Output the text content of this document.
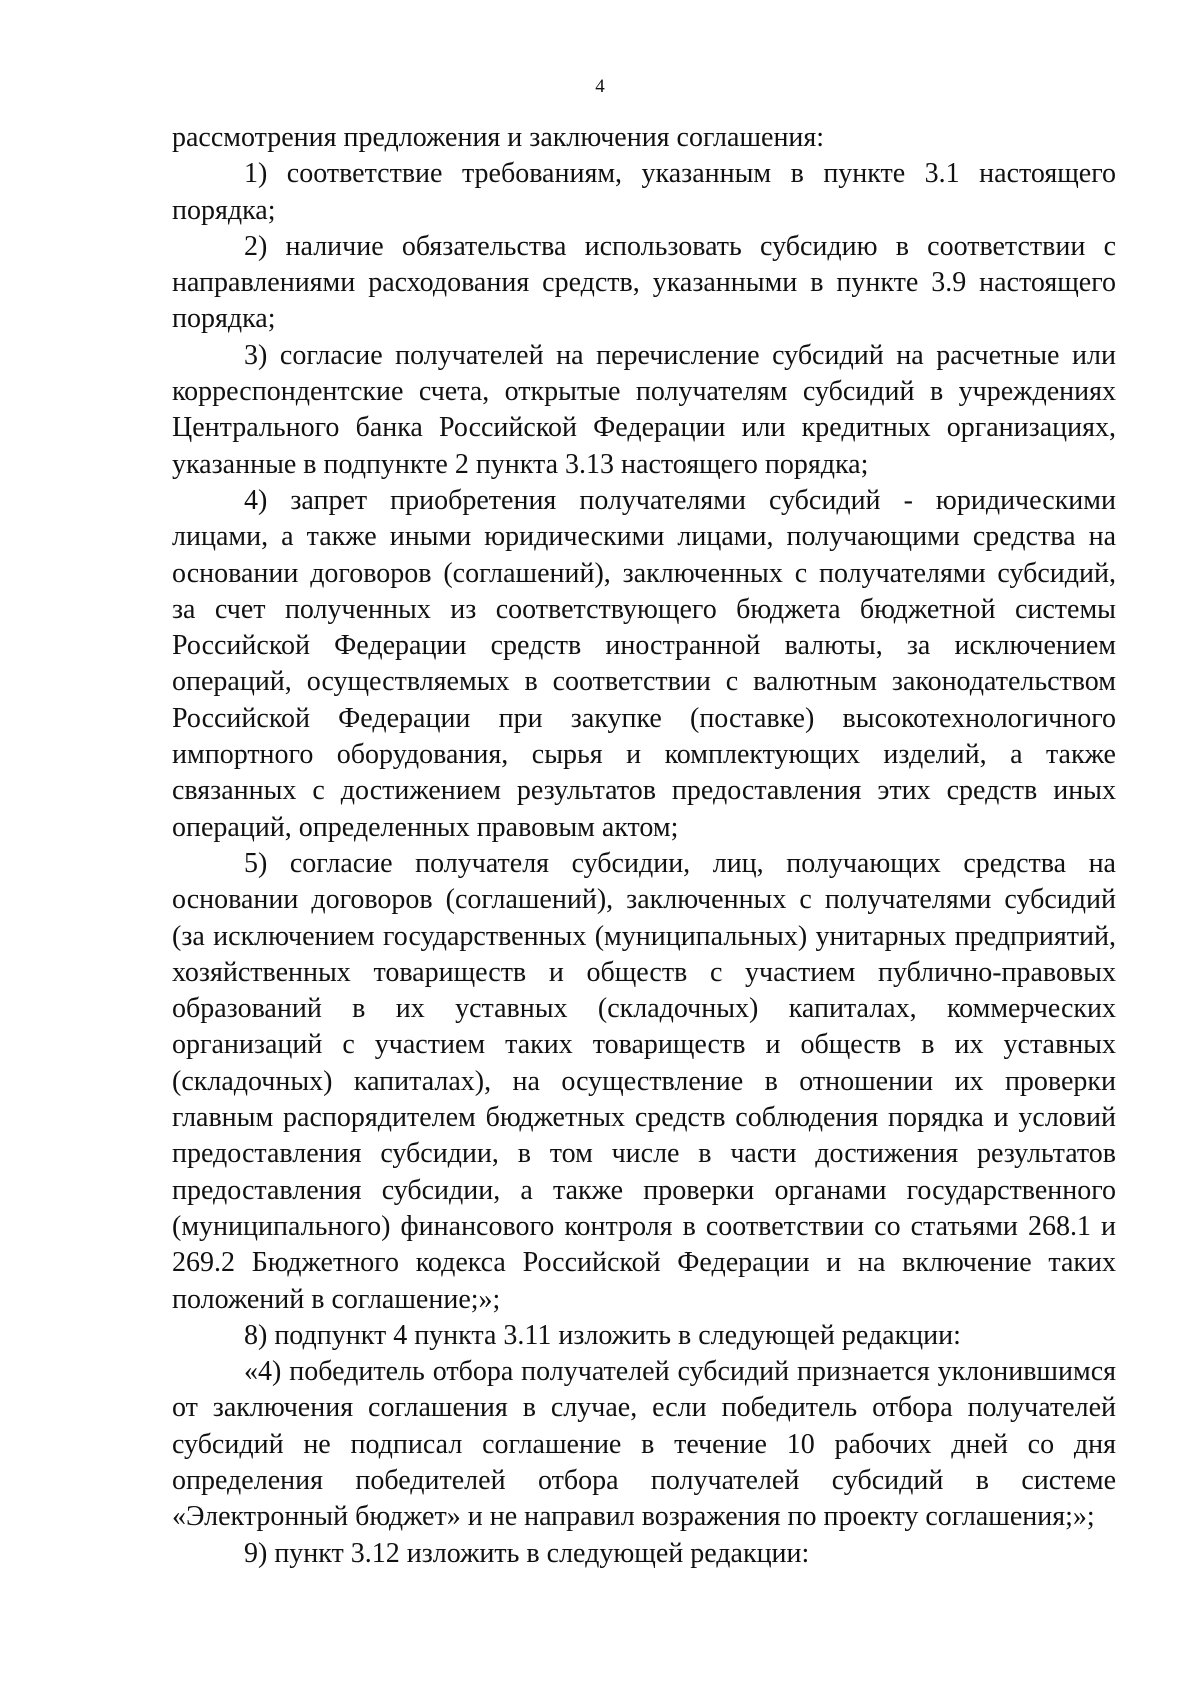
4

рассмотрения предложения и заключения соглашения:

1) соответствие требованиям, указанным в пункте 3.1 настоящего порядка;

2) наличие обязательства использовать субсидию в соответствии с направлениями расходования средств, указанными в пункте 3.9 настоящего порядка;

3) согласие получателей на перечисление субсидий на расчетные или корреспондентские счета, открытые получателям субсидий в учреждениях Центрального банка Российской Федерации или кредитных организациях, указанные в подпункте 2 пункта 3.13 настоящего порядка;

4) запрет приобретения получателями субсидий - юридическими лицами, а также иными юридическими лицами, получающими средства на основании договоров (соглашений), заключенных с получателями субсидий, за счет полученных из соответствующего бюджета бюджетной системы Российской Федерации средств иностранной валюты, за исключением операций, осуществляемых в соответствии с валютным законодательством Российской Федерации при закупке (поставке) высокотехнологичного импортного оборудования, сырья и комплектующих изделий, а также связанных с достижением результатов предоставления этих средств иных операций, определенных правовым актом;

5) согласие получателя субсидии, лиц, получающих средства на основании договоров (соглашений), заключенных с получателями субсидий (за исключением государственных (муниципальных) унитарных предприятий, хозяйственных товариществ и обществ с участием публично-правовых образований в их уставных (складочных) капиталах, коммерческих организаций с участием таких товариществ и обществ в их уставных (складочных) капиталах), на осуществление в отношении их проверки главным распорядителем бюджетных средств соблюдения порядка и условий предоставления субсидии, в том числе в части достижения результатов предоставления субсидии, а также проверки органами государственного (муниципального) финансового контроля в соответствии со статьями 268.1 и 269.2 Бюджетного кодекса Российской Федерации и на включение таких положений в соглашение;»;

8) подпункт 4 пункта 3.11 изложить в следующей редакции:

«4) победитель отбора получателей субсидий признается уклонившимся от заключения соглашения в случае, если победитель отбора получателей субсидий не подписал соглашение в течение 10 рабочих дней со дня определения победителей отбора получателей субсидий в системе «Электронный бюджет» и не направил возражения по проекту соглашения;»;

9) пункт 3.12 изложить в следующей редакции:
